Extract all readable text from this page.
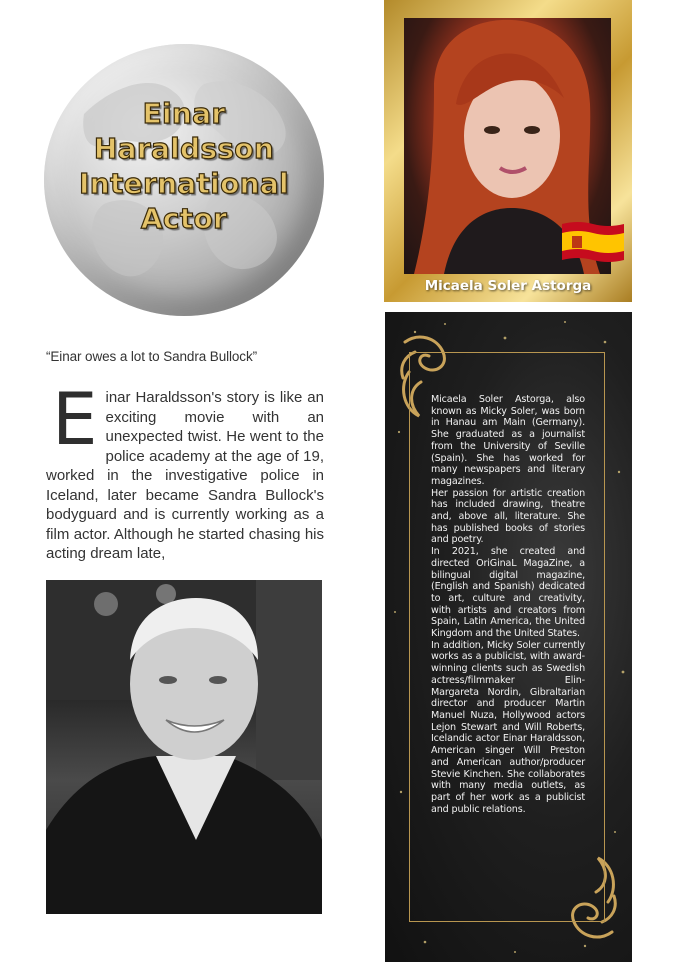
Einar
Haraldsson
International
Actor
Micaela Soler Astorga
“Einar owes a lot to Sandra Bullock”
E inar Haraldsson's story is like an exciting movie with an unexpected twist. He went to the police academy at the age of 19, worked in the investigative police in Iceland, later became Sandra Bullock's bodyguard and is currently working as a film actor. Although he started chasing his acting dream late,

Micaela Soler Astorga, also known as Micky Soler, was born in Hanau am Main (Germany). She graduated as a journalist from the University of Seville (Spain). She has worked for many newspapers and literary magazines.

Her passion for artistic creation has included drawing, theatre and, above all, literature. She has published books of stories and poetry.

In 2021, she created and directed OriGinaL MagaZine, a bilingual digital magazine, (English and Spanish) dedicated to art, culture and creativity, with artists and creators from Spain, Latin America, the United Kingdom and the United States.

In addition, Micky Soler currently works as a publicist, with award-winning clients such as Swedish actress/filmmaker Elin-Margareta Nordin, Gibraltarian director and producer Martin Manuel Nuza, Hollywood actors Lejon Stewart and Will Roberts, Icelandic actor Einar Haraldsson, American singer Will Preston and American author/producer Stevie Kinchen. She collaborates with many media outlets, as part of her work as a publicist and public relations.
